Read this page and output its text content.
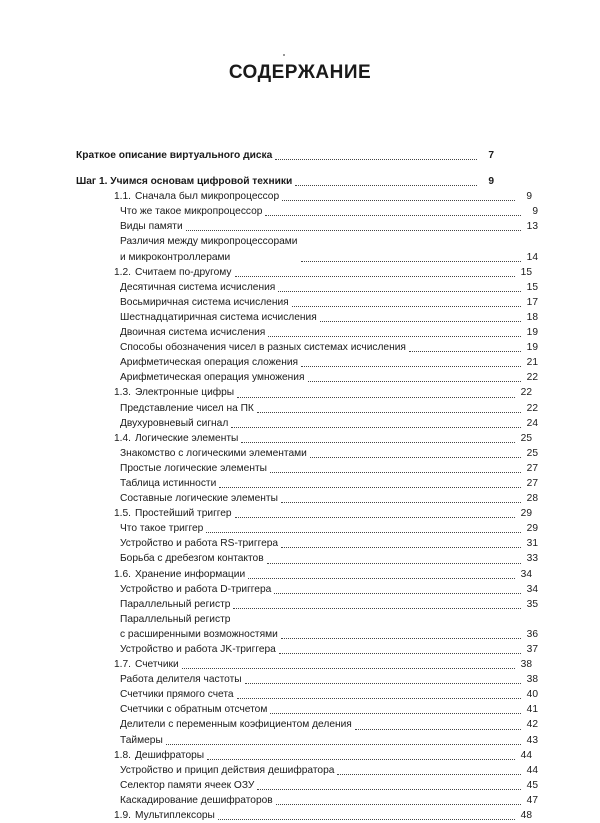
СОДЕРЖАНИЕ
Краткое описание виртуального диска	7
Шаг 1. Учимся основам цифровой техники	9
1.1. Сначала был микропроцессор	9
Что же такое микропроцессор	9
Виды памяти	13
Различия между микропроцессорами
и микроконтроллерами	14
1.2. Считаем по-другому	15
Десятичная система исчисления	15
Восьмиричная система исчисления	17
Шестнадцатиричная система исчисления	18
Двоичная система исчисления	19
Способы обозначения чисел в разных системах исчисления	19
Арифметическая операция сложения	21
Арифметическая операция умножения	22
1.3. Электронные цифры	22
Представление чисел на ПК	22
Двухуровневый сигнал	24
1.4. Логические элементы	25
Знакомство с логическими элементами	25
Простые логические элементы	27
Таблица истинности	27
Составные логические элементы	28
1.5. Простейший триггер	29
Что такое триггер	29
Устройство и работа RS-триггера	31
Борьба с дребезгом контактов	33
1.6. Хранение информации	34
Устройство и работа D-триггера	34
Параллельный регистр	35
Параллельный регистр
с расширенными возможностями	36
Устройство и работа JK-триггера	37
1.7. Счетчики	38
Работа делителя частоты	38
Счетчики прямого счета	40
Счетчики с обратным отсчетом	41
Делители с переменным коэфициентом деления	42
Таймеры	43
1.8. Дешифраторы	44
Устройство и прицип действия дешифратора	44
Селектор памяти ячеек ОЗУ	45
Каскадирование дешифраторов	47
1.9. Мультиплексоры	48
